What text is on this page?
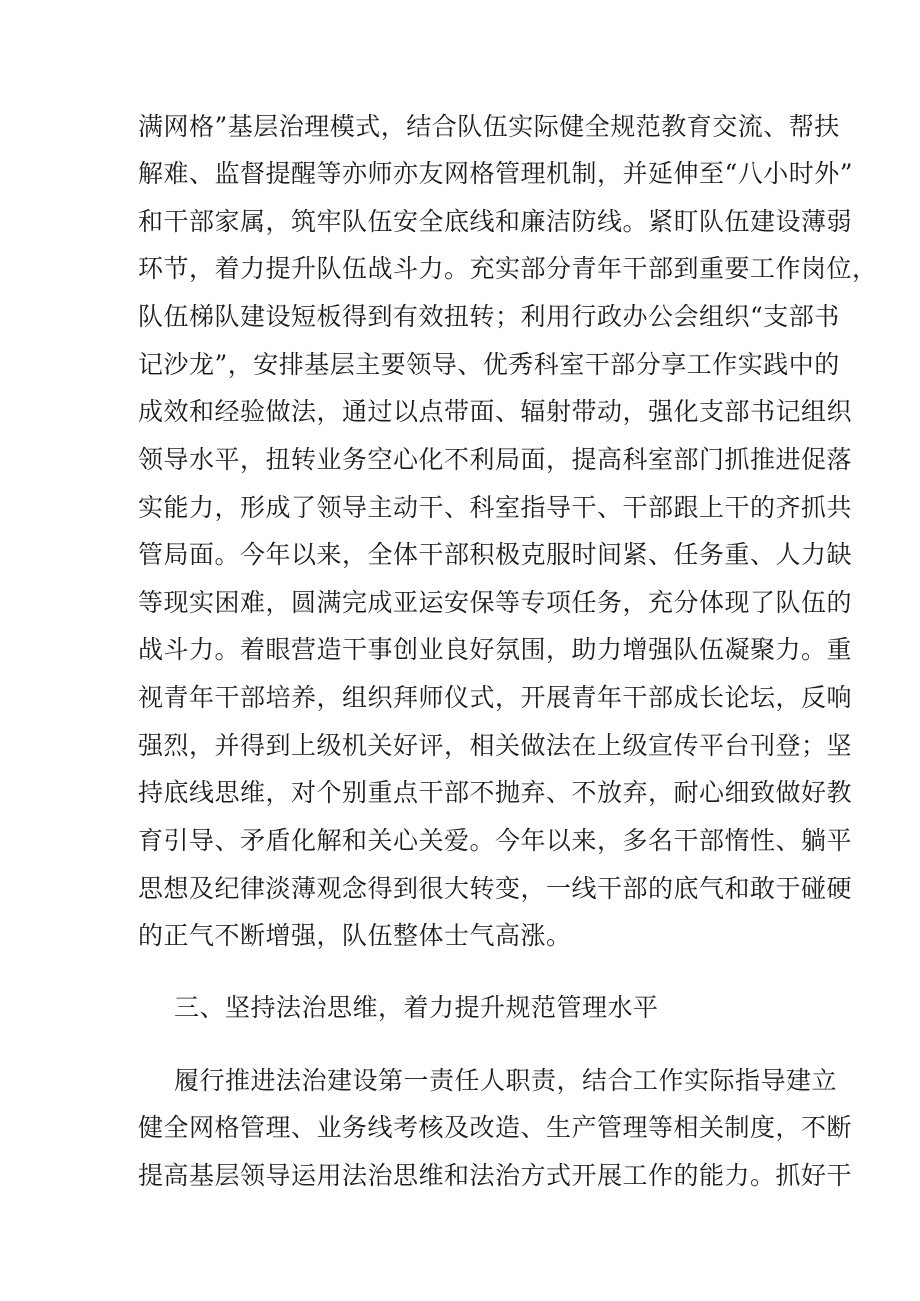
满网格”基层治理模式，结合队伍实际健全规范教育交流、帮扶
解难、监督提醒等亦师亦友网格管理机制，并延伸至“八小时外”
和干部家属，筑牢队伍安全底线和廉洁防线。紧盯队伍建设薄弱
环节，着力提升队伍战斗力。充实部分青年干部到重要工作岗位，
队伍梯队建设短板得到有效扭转；利用行政办公会组织“支部书
记沙龙”，安排基层主要领导、优秀科室干部分享工作实践中的
成效和经验做法，通过以点带面、辐射带动，强化支部书记组织
领导水平，扭转业务空心化不利局面，提高科室部门抓推进促落
实能力，形成了领导主动干、科室指导干、干部跟上干的齐抓共
管局面。今年以来，全体干部积极克服时间紧、任务重、人力缺
等现实困难，圆满完成亚运安保等专项任务，充分体现了队伍的
战斗力。着眼营造干事创业良好氛围，助力增强队伍凝聚力。重
视青年干部培养，组织拜师仪式，开展青年干部成长论坛，反响
强烈，并得到上级机关好评，相关做法在上级宣传平台刊登；坚
持底线思维，对个别重点干部不抛弃、不放弃，耐心细致做好教
育引导、矛盾化解和关心关爱。今年以来，多名干部惰性、躺平
思想及纪律淡薄观念得到很大转变，一线干部的底气和敢于碰硬
的正气不断增强，队伍整体士气高涨。
三、坚持法治思维，着力提升规范管理水平
履行推进法治建设第一责任人职责，结合工作实际指导建立
健全网格管理、业务线考核及改造、生产管理等相关制度，不断
提高基层领导运用法治思维和法治方式开展工作的能力。抓好干
